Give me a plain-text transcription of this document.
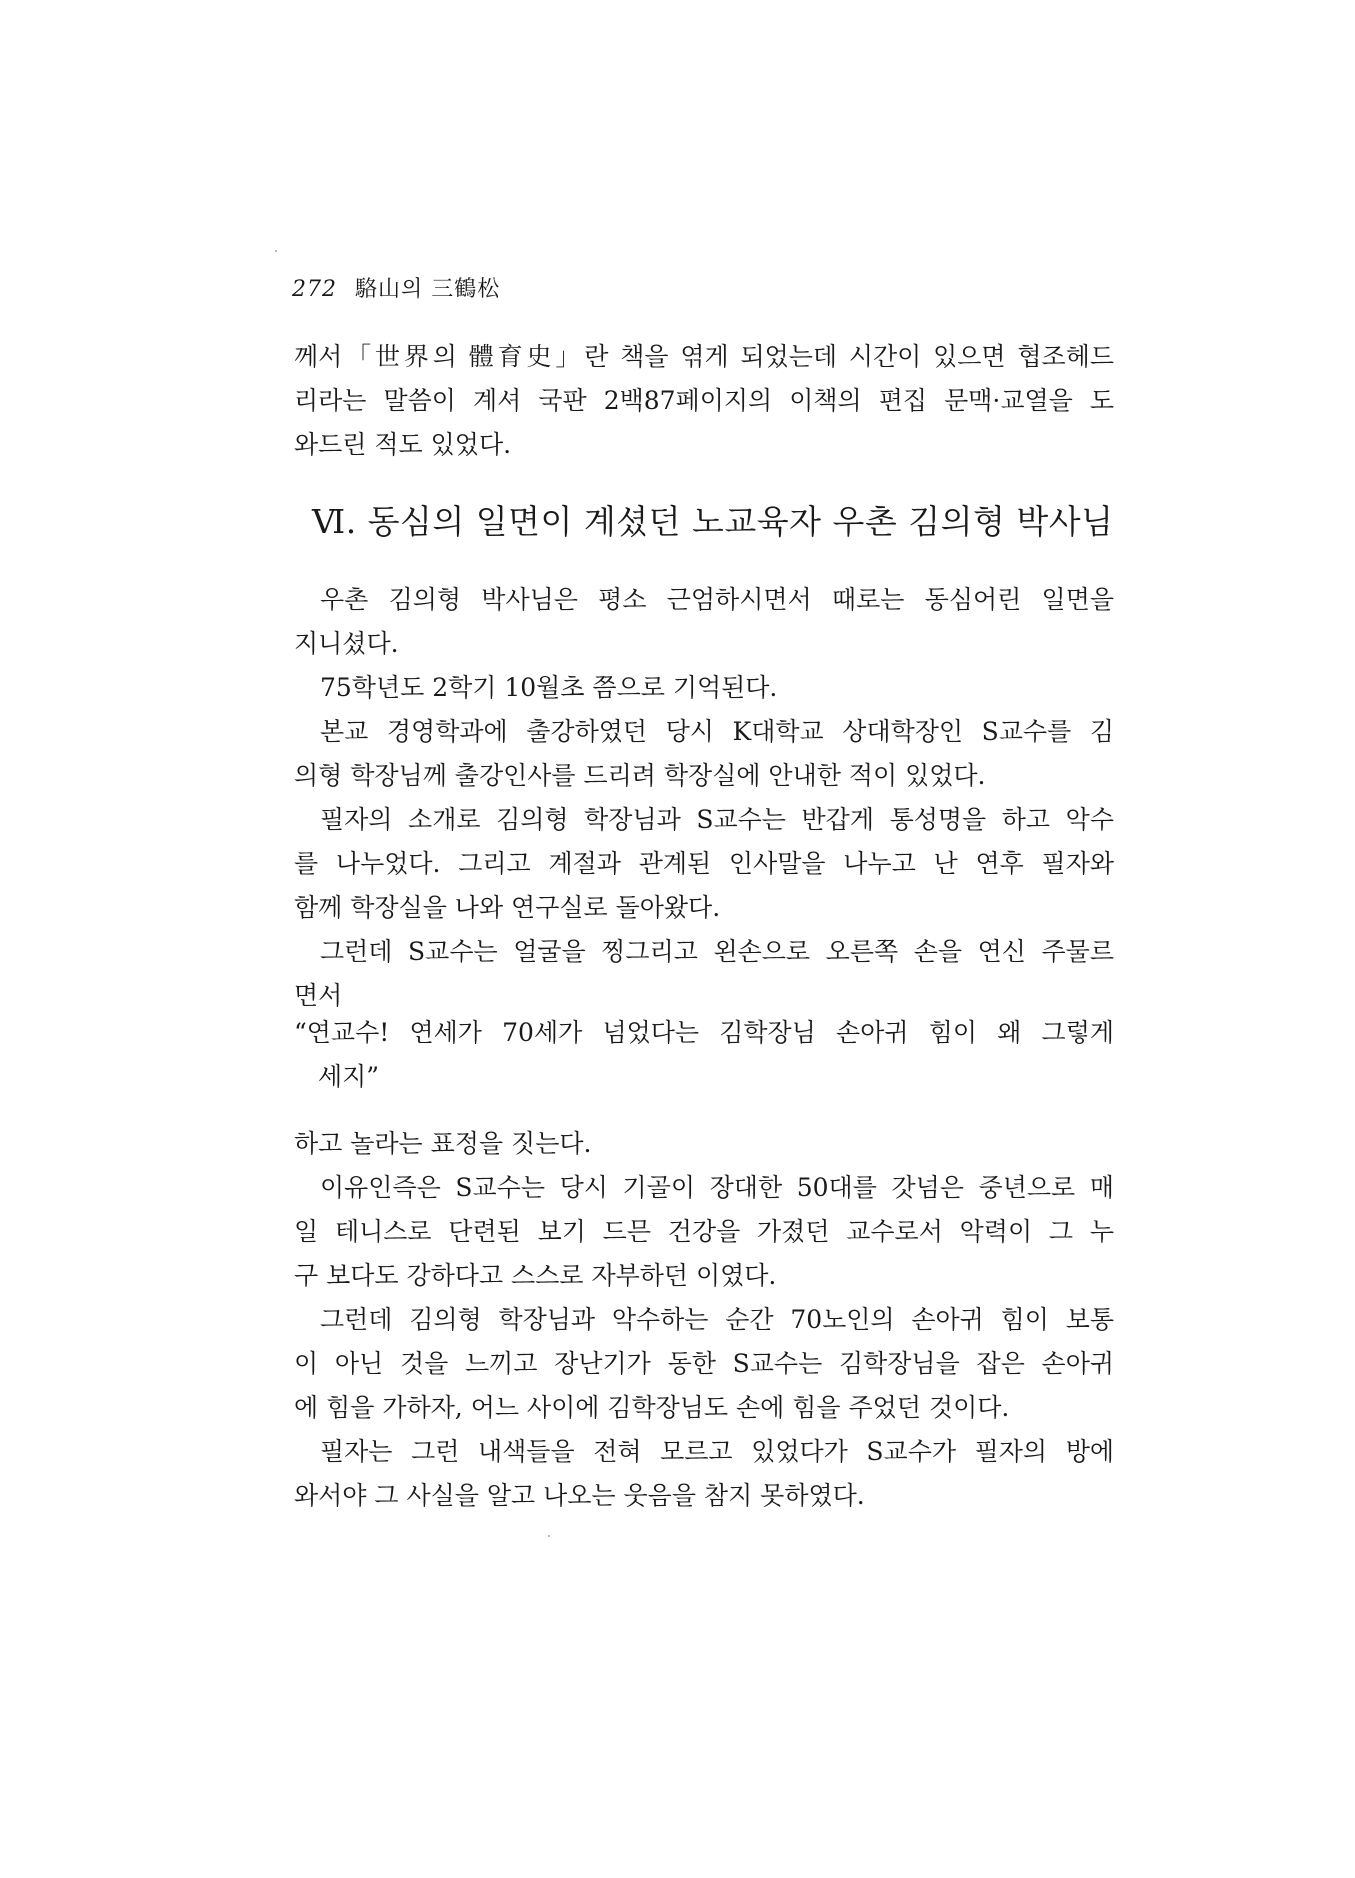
272 駱山의 三鶴松
께서「世界의 體育史」란 책을 엮게 되었는데 시간이 있으면 협조헤드
리라는 말씀이 계셔 국판 2백87페이지의 이책의 편집 문맥·교열을 도
와드린 적도 있었다.
Ⅵ. 동심의 일면이 계셨던 노교육자 우촌 김의형 박사님
우촌 김의형 박사님은 평소 근엄하시면서 때로는 동심어린 일면을
지니셨다.
75학년도 2학기 10월초 쯤으로 기억된다.
본교 경영학과에 출강하였던 당시 K대학교 상대학장인 S교수를 김
의형 학장님께 출강인사를 드리려 학장실에 안내한 적이 있었다.
필자의 소개로 김의형 학장님과 S교수는 반갑게 통성명을 하고 악수
를 나누었다. 그리고 계절과 관계된 인사말을 나누고 난 연후 필자와
함께 학장실을 나와 연구실로 돌아왔다.
그런데 S교수는 얼굴을 찡그리고 왼손으로 오른쪽 손을 연신 주물르
면서
“연교수! 연세가 70세가 넘었다는 김학장님 손아귀 힘이 왜 그렇게
세지”
하고 놀라는 표정을 짓는다.
이유인즉은 S교수는 당시 기골이 장대한 50대를 갓넘은 중년으로 매
일 테니스로 단련된 보기 드믄 건강을 가졌던 교수로서 악력이 그 누
구 보다도 강하다고 스스로 자부하던 이였다.
그런데 김의형 학장님과 악수하는 순간 70노인의 손아귀 힘이 보통
이 아닌 것을 느끼고 장난기가 동한 S교수는 김학장님을 잡은 손아귀
에 힘을 가하자, 어느 사이에 김학장님도 손에 힘을 주었던 것이다.
필자는 그런 내색들을 전혀 모르고 있었다가 S교수가 필자의 방에
와서야 그 사실을 알고 나오는 웃음을 참지 못하였다.
